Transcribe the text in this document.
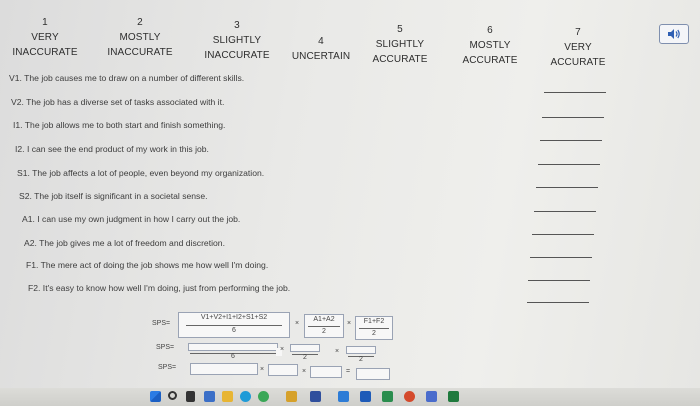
1
VERY
INACCURATE
2
MOSTLY
INACCURATE
3
SLIGHTLY
INACCURATE
4
UNCERTAIN
5
SLIGHTLY
ACCURATE
6
MOSTLY
ACCURATE
7
VERY
ACCURATE
V1. The job causes me to draw on a number of different skills.
V2. The job has a diverse set of tasks associated with it.
I1. The job allows me to both start and finish something.
I2. I can see the end product of my work in this job.
S1. The job affects a lot of people, even beyond my organization.
S2. The job itself is significant in a societal sense.
A1. I can use my own judgment in how I carry out the job.
A2. The job gives me a lot of freedom and discretion.
F1. The mere act of doing the job shows me how well I'm doing.
F2. It's easy to know how well I'm doing, just from performing the job.
SPS=
V1+V2+I1+I2+S1+S2
6
×
A1+A2
2
×	F1+F2
2
SPS=
6
×
2
×
2
SPS=	×	×	=
